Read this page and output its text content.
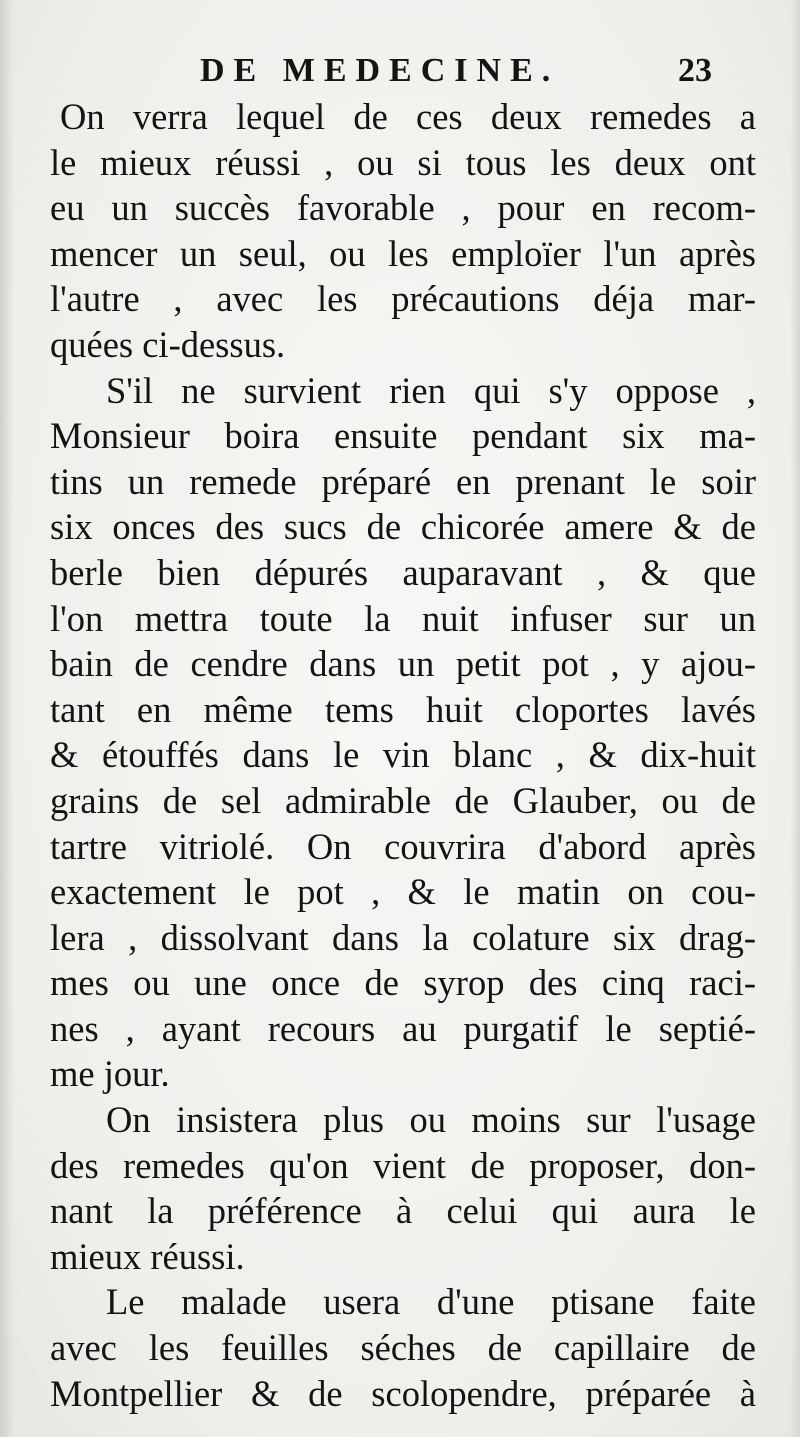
DE MEDECINE.	23
On verra lequel de ces deux remedes a
le mieux réussi , ou si tous les deux ont
eu un succès favorable , pour en recom-
mencer un seul, ou les emploïer l'un après
l'autre , avec les précautions déja mar-
quées ci-dessus.
S'il ne survient rien qui s'y oppose ,
Monsieur boira ensuite pendant six ma-
tins un remede préparé en prenant le soir
six onces des sucs de chicorée amere & de
berle bien dépurés auparavant , & que
l'on mettra toute la nuit infuser sur un
bain de cendre dans un petit pot , y ajou-
tant en même tems huit cloportes lavés
& étouffés dans le vin blanc , & dix-huit
grains de sel admirable de Glauber, ou de
tartre vitriolé. On couvrira d'abord après
exactement le pot , & le matin on cou-
lera , dissolvant dans la colature six drag-
mes ou une once de syrop des cinq raci-
nes , ayant recours au purgatif le septié-
me jour.
On insistera plus ou moins sur l'usage
des remedes qu'on vient de proposer, don-
nant la préférence à celui qui aura le
mieux réussi.
Le malade usera d'une ptisane faite
avec les feuilles séches de capillaire de
Montpellier & de scolopendre, préparée à
